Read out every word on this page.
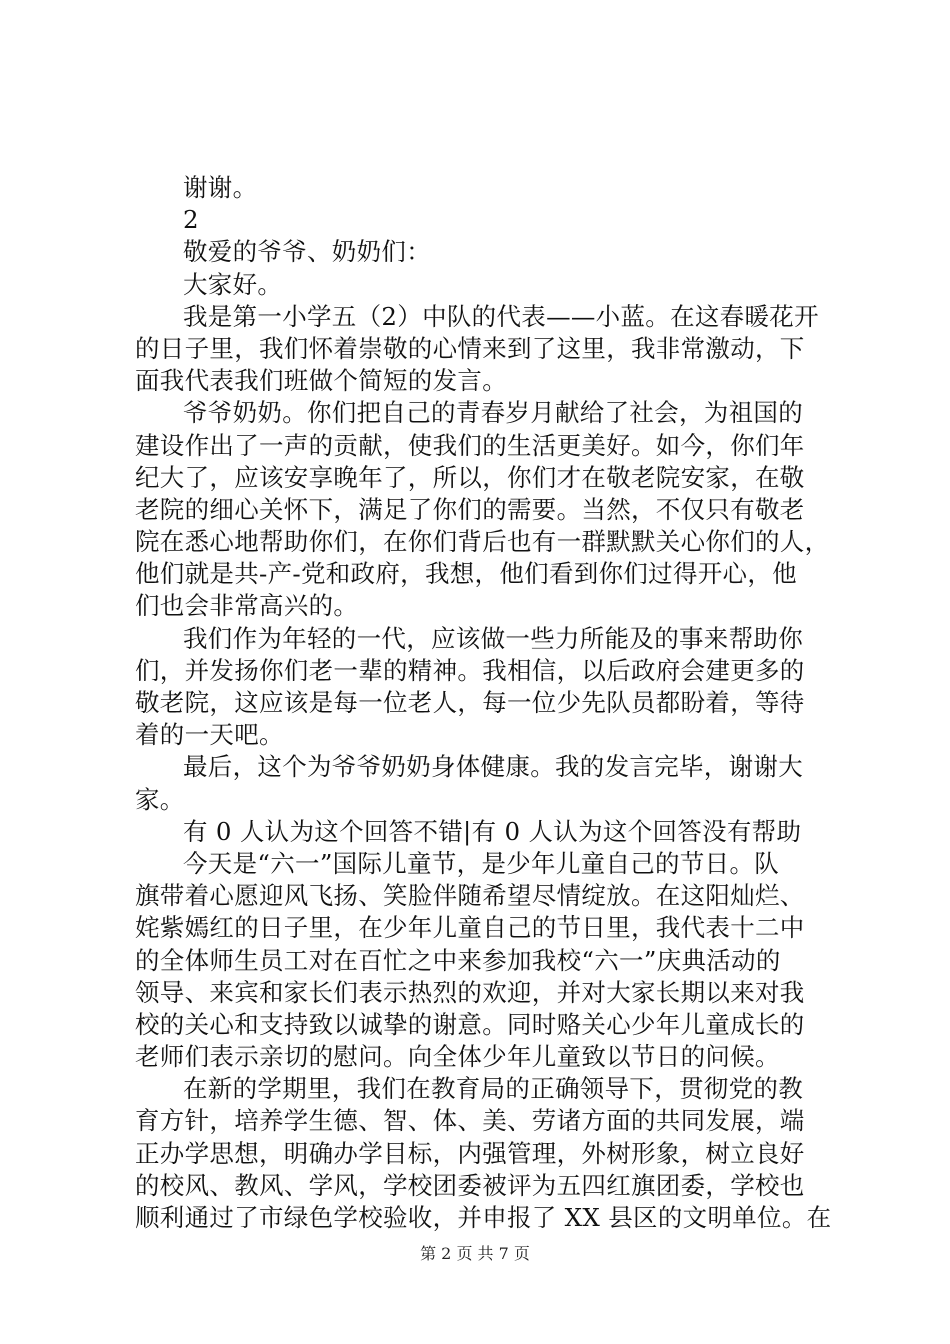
谢谢。
2
敬爱的爷爷、奶奶们：
大家好。
我是第一小学五（2）中队的代表——小蓝。在这春暖花开
的日子里，我们怀着崇敬的心情来到了这里，我非常激动，下
面我代表我们班做个简短的发言。
爷爷奶奶。你们把自己的青春岁月献给了社会，为祖国的
建设作出了一声的贡献，使我们的生活更美好。如今，你们年
纪大了，应该安享晚年了，所以，你们才在敬老院安家，在敬
老院的细心关怀下，满足了你们的需要。当然，不仅只有敬老
院在悉心地帮助你们，在你们背后也有一群默默关心你们的人，
他们就是共-产-党和政府，我想，他们看到你们过得开心，他
们也会非常高兴的。
我们作为年轻的一代，应该做一些力所能及的事来帮助你
们，并发扬你们老一辈的精神。我相信，以后政府会建更多的
敬老院，这应该是每一位老人，每一位少先队员都盼着，等待
着的一天吧。
最后，这个为爷爷奶奶身体健康。我的发言完毕，谢谢大
家。
有 0 人认为这个回答不错|有 0 人认为这个回答没有帮助
今天是“六一”国际儿童节，是少年儿童自己的节日。队
旗带着心愿迎风飞扬、笑脸伴随希望尽情绽放。在这阳灿烂、
姹紫嫣红的日子里，在少年儿童自己的节日里，我代表十二中
的全体师生员工对在百忙之中来参加我校“六一”庆典活动的
领导、来宾和家长们表示热烈的欢迎，并对大家长期以来对我
校的关心和支持致以诚挚的谢意。同时赂关心少年儿童成长的
老师们表示亲切的慰问。向全体少年儿童致以节日的问候。
在新的学期里，我们在教育局的正确领导下，贯彻党的教
育方针，培养学生德、智、体、美、劳诸方面的共同发展，端
正办学思想，明确办学目标，内强管理，外树形象，树立良好
的校风、教风、学风，学校团委被评为五四红旗团委，学校也
顺利通过了市绿色学校验收，并申报了 XX 县区的文明单位。在
第 2 页 共 7 页
